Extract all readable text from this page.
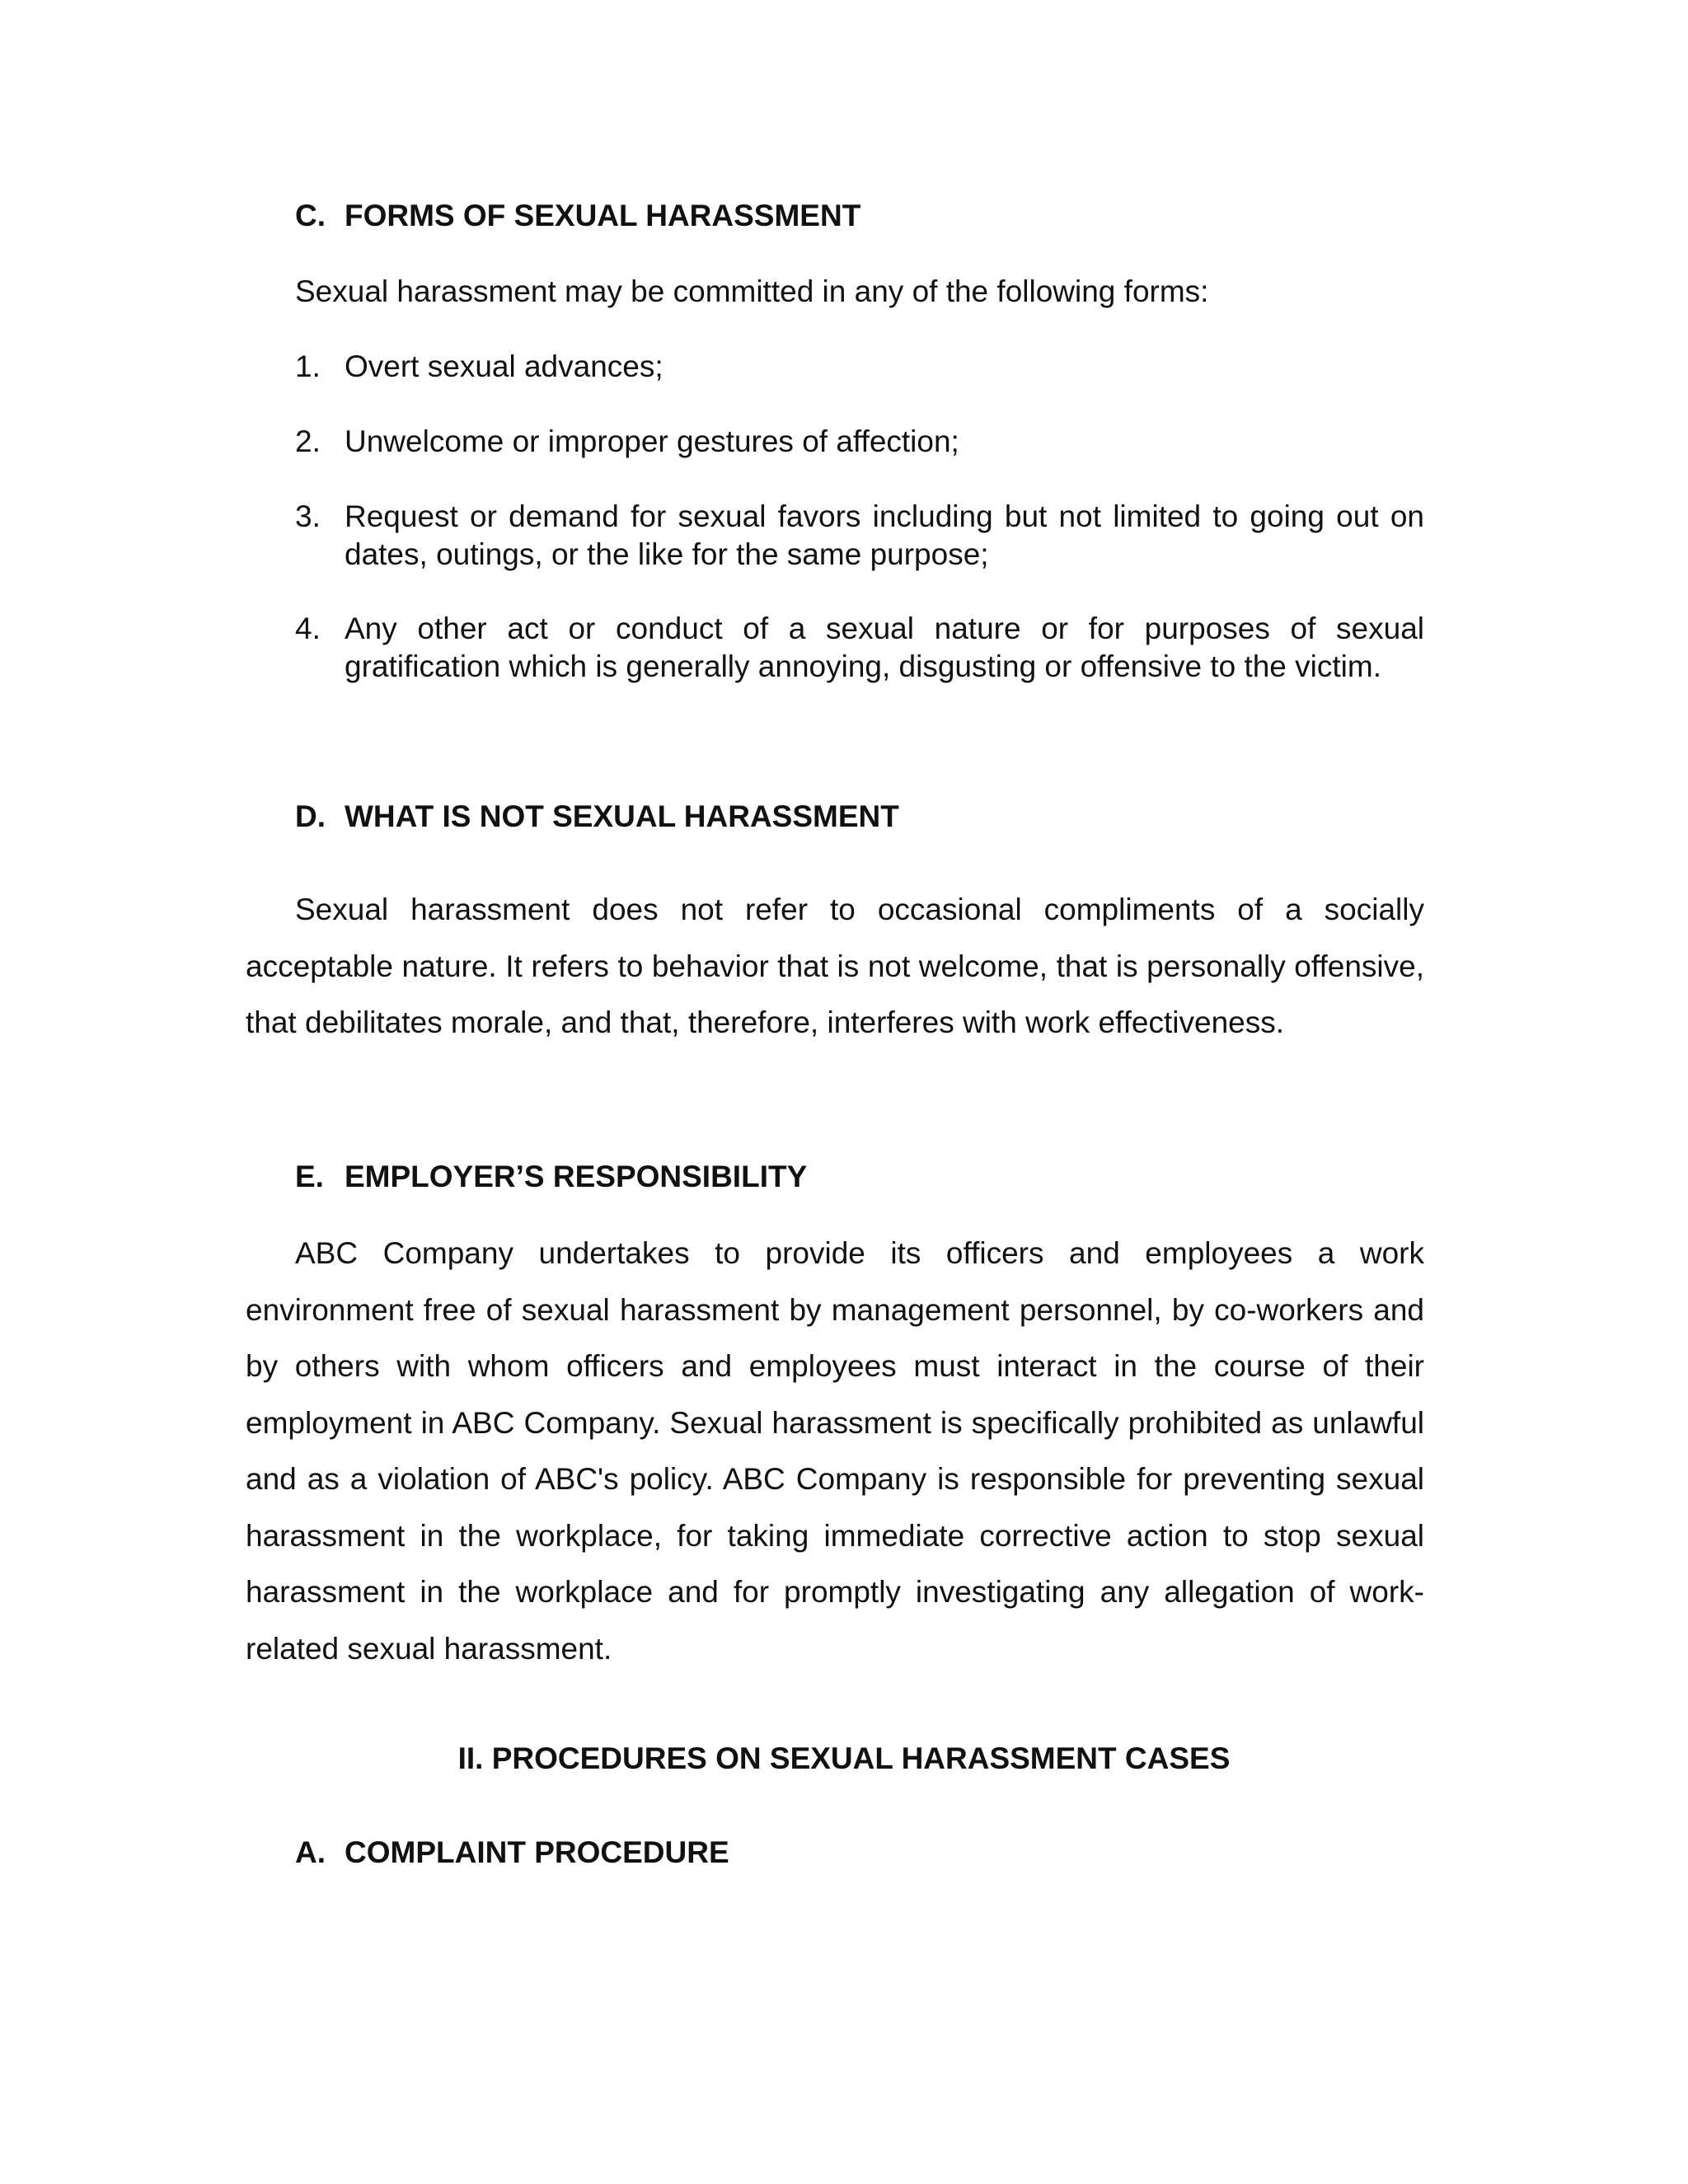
C. FORMS OF SEXUAL HARASSMENT
Sexual harassment may be committed in any of the following forms:
1. Overt sexual advances;
2. Unwelcome or improper gestures of affection;
3. Request or demand for sexual favors including but not limited to going out on dates, outings, or the like for the same purpose;
4. Any other act or conduct of a sexual nature or for purposes of sexual gratification which is generally annoying, disgusting or offensive to the victim.
D. WHAT IS NOT SEXUAL HARASSMENT
Sexual harassment does not refer to occasional compliments of a socially acceptable nature. It refers to behavior that is not welcome, that is personally offensive, that debilitates morale, and that, therefore, interferes with work effectiveness.
E. EMPLOYER’S RESPONSIBILITY
ABC Company undertakes to provide its officers and employees a work environment free of sexual harassment by management personnel, by co-workers and by others with whom officers and employees must interact in the course of their employment in ABC Company. Sexual harassment is specifically prohibited as unlawful and as a violation of ABC's policy. ABC Company is responsible for preventing sexual harassment in the workplace, for taking immediate corrective action to stop sexual harassment in the workplace and for promptly investigating any allegation of work-related sexual harassment.
II. PROCEDURES ON SEXUAL HARASSMENT CASES
A. COMPLAINT PROCEDURE
